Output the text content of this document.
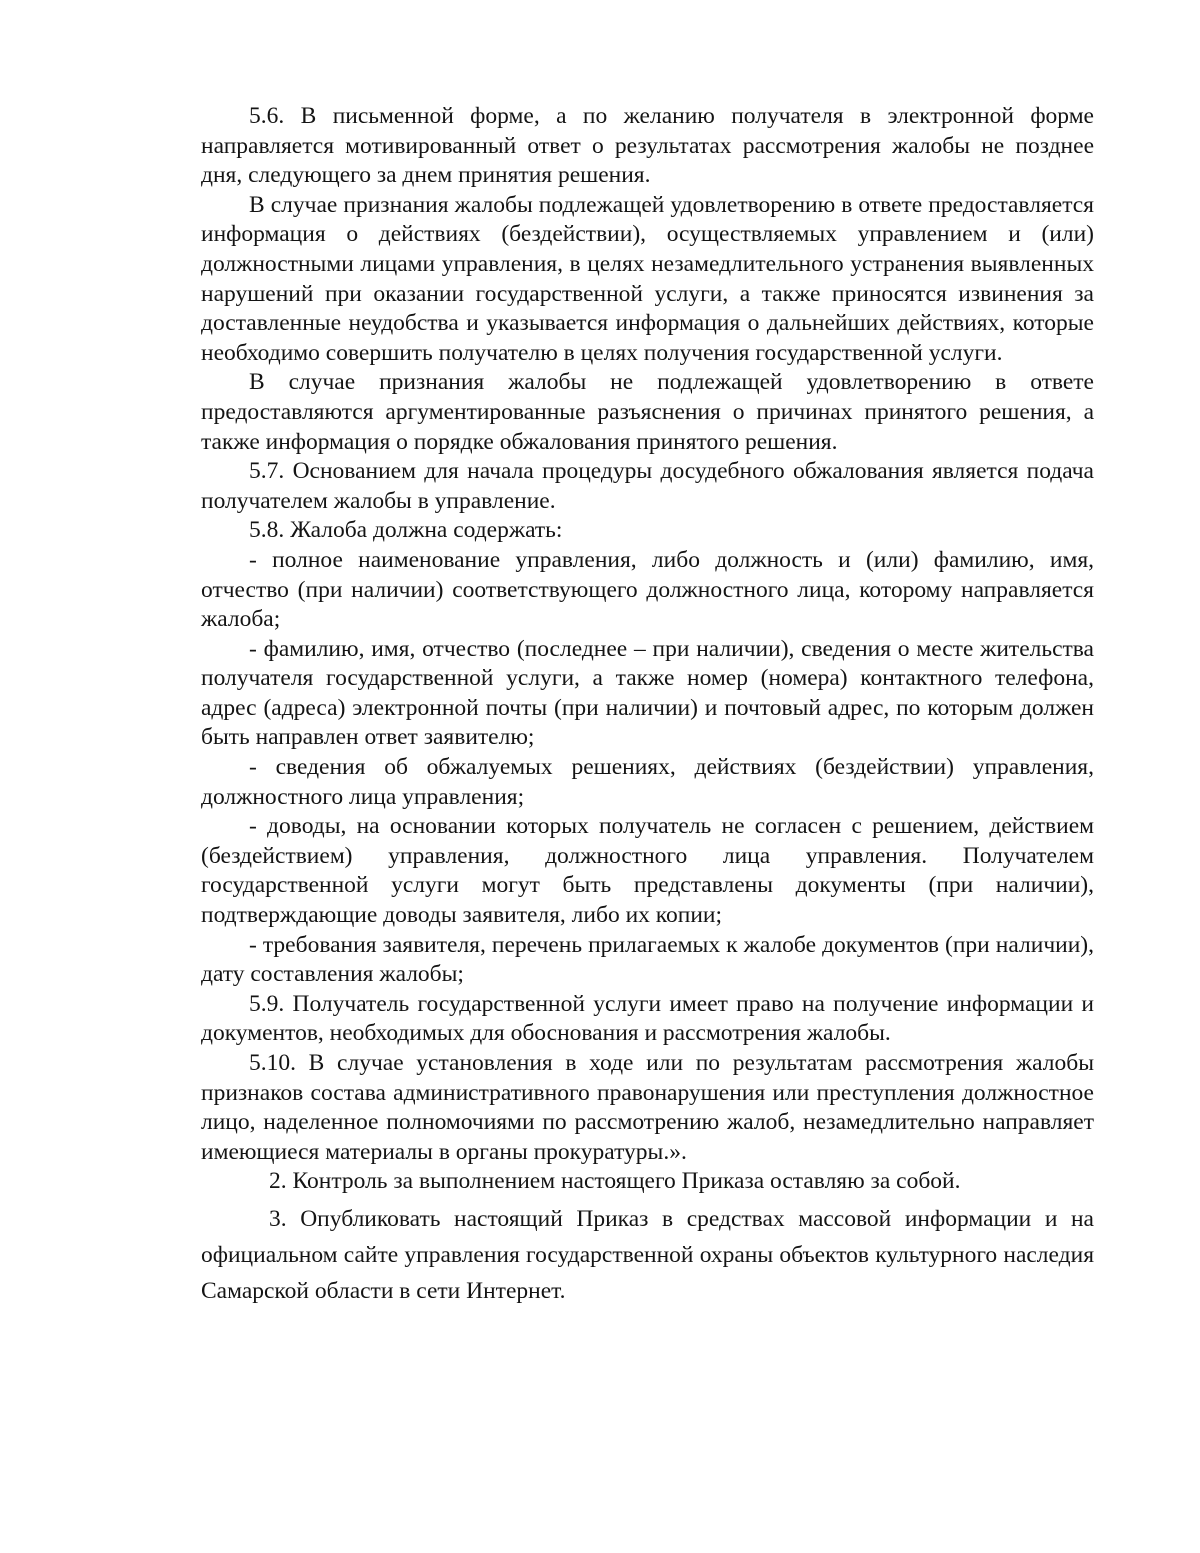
5.6. В письменной форме, а по желанию получателя в электронной форме направляется мотивированный ответ о результатах рассмотрения жалобы не позднее дня, следующего за днем принятия решения.

В случае признания жалобы подлежащей удовлетворению в ответе предоставляется информация о действиях (бездействии), осуществляемых управлением и (или) должностными лицами управления, в целях незамедлительного устранения выявленных нарушений при оказании государственной услуги, а также приносятся извинения за доставленные неудобства и указывается информация о дальнейших действиях, которые необходимо совершить получателю в целях получения государственной услуги.

В случае признания жалобы не подлежащей удовлетворению в ответе предоставляются аргументированные разъяснения о причинах принятого решения, а также информация о порядке обжалования принятого решения.

5.7. Основанием для начала процедуры досудебного обжалования является подача получателем жалобы в управление.

5.8. Жалоба должна содержать:

- полное наименование управления, либо должность и (или) фамилию, имя, отчество (при наличии) соответствующего должностного лица, которому направляется жалоба;

- фамилию, имя, отчество (последнее – при наличии), сведения о месте жительства получателя государственной услуги, а также номер (номера) контактного телефона, адрес (адреса) электронной почты (при наличии) и почтовый адрес, по которым должен быть направлен ответ заявителю;

- сведения об обжалуемых решениях, действиях (бездействии) управления, должностного лица управления;

- доводы, на основании которых получатель не согласен с решением, действием (бездействием) управления, должностного лица управления. Получателем государственной услуги могут быть представлены документы (при наличии), подтверждающие доводы заявителя, либо их копии;

- требования заявителя, перечень прилагаемых к жалобе документов (при наличии), дату составления жалобы;

5.9. Получатель государственной услуги имеет право на получение информации и документов, необходимых для обоснования и рассмотрения жалобы.

5.10. В случае установления в ходе или по результатам рассмотрения жалобы признаков состава административного правонарушения или преступления должностное лицо, наделенное полномочиями по рассмотрению жалоб, незамедлительно направляет имеющиеся материалы в органы прокуратуры.».

2. Контроль за выполнением настоящего Приказа оставляю за собой.

3. Опубликовать настоящий Приказ в средствах массовой информации и на официальном сайте управления государственной охраны объектов культурного наследия Самарской области в сети Интернет.
